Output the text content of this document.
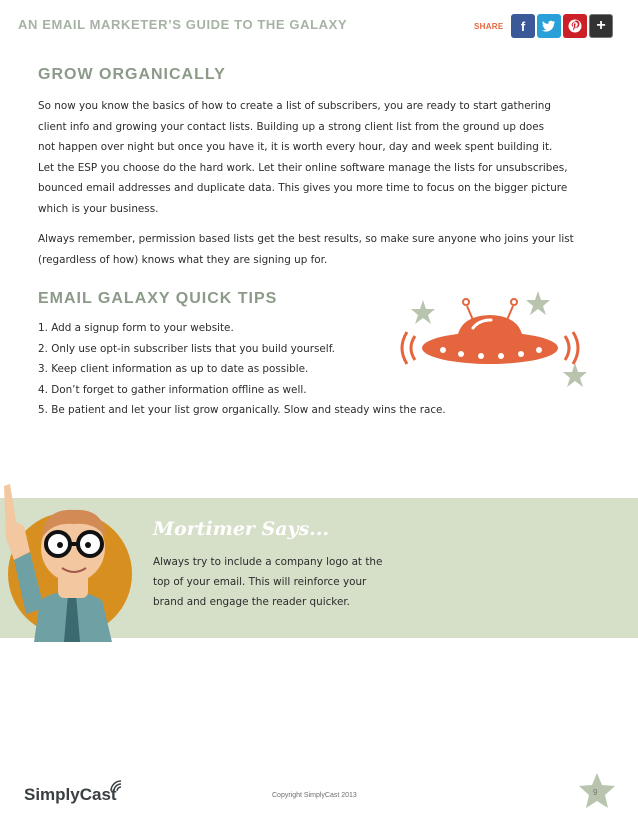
AN EMAIL MARKETER’S GUIDE TO THE GALAXY	SHARE f	+
GROW ORGANICALLY
So now you know the basics of how to create a list of subscribers, you are ready to start gathering
client info and growing your contact lists. Building up a strong client list from the ground up does
not happen over night but once you have it, it is worth every hour, day and week spent building it.
Let the ESP you choose do the hard work. Let their online software manage the lists for unsubscribes,
bounced email addresses and duplicate data. This gives you more time to focus on the bigger picture
which is your business.
Always remember, permission based lists get the best results, so make sure anyone who joins your list
(regardless of how) knows what they are signing up for.
EMAIL GALAXY QUICK TIPS
1. Add a signup form to your website.
2. Only use opt-in subscriber lists that you build yourself.
3. Keep client information as up to date as possible.
4. Don’t forget to gather information offline as well.
5. Be patient and let your list grow organically. Slow and steady wins the race.
Mortimer Says...
Always try to include a company logo at the
top of your email. This will reinforce your
brand and engage the reader quicker.
SimplyCast	Copyright SimplyCast 2013	9
